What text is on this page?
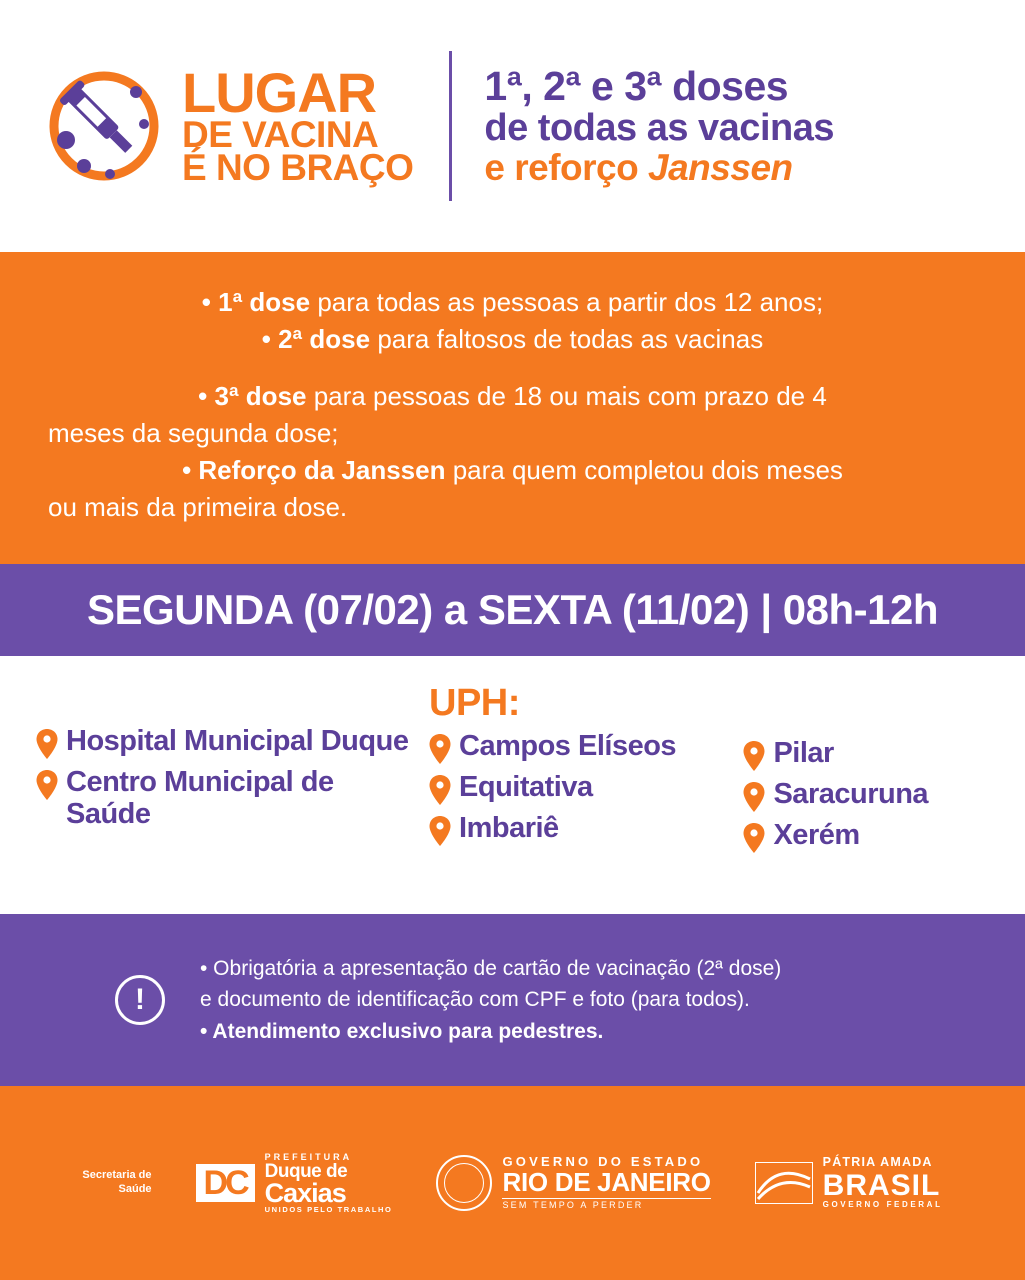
LUGAR
DE VACINA
É NO BRAÇO
1ª, 2ª e 3ª doses
de todas as vacinas
e reforço Janssen
• 1ª dose para todas as pessoas a partir dos 12 anos;
• 2ª dose para faltosos de todas as vacinas
• 3ª dose para pessoas de 18 ou mais com prazo de 4
meses da segunda dose;
• Reforço da Janssen para quem completou dois meses
ou mais da primeira dose.
SEGUNDA (07/02) a SEXTA (11/02) | 08h-12h
Hospital Municipal Duque
Centro Municipal de Saúde
UPH:
Campos Elíseos
Equitativa
Imbariê
Pilar
Saracuruna
Xerém
!
• Obrigatória a apresentação de cartão de vacinação (2ª dose)
e documento de identificação com CPF e foto (para todos).
• Atendimento exclusivo para pedestres.
Secretaria de
Saúde DC
PREFEITURA
Duque de
Caxias
UNIDOS PELO TRABALHO
GOVERNO DO ESTADO
RIO DE JANEIRO
SEM TEMPO A PERDER
PÁTRIA AMADA
BRASIL
GOVERNO FEDERAL
